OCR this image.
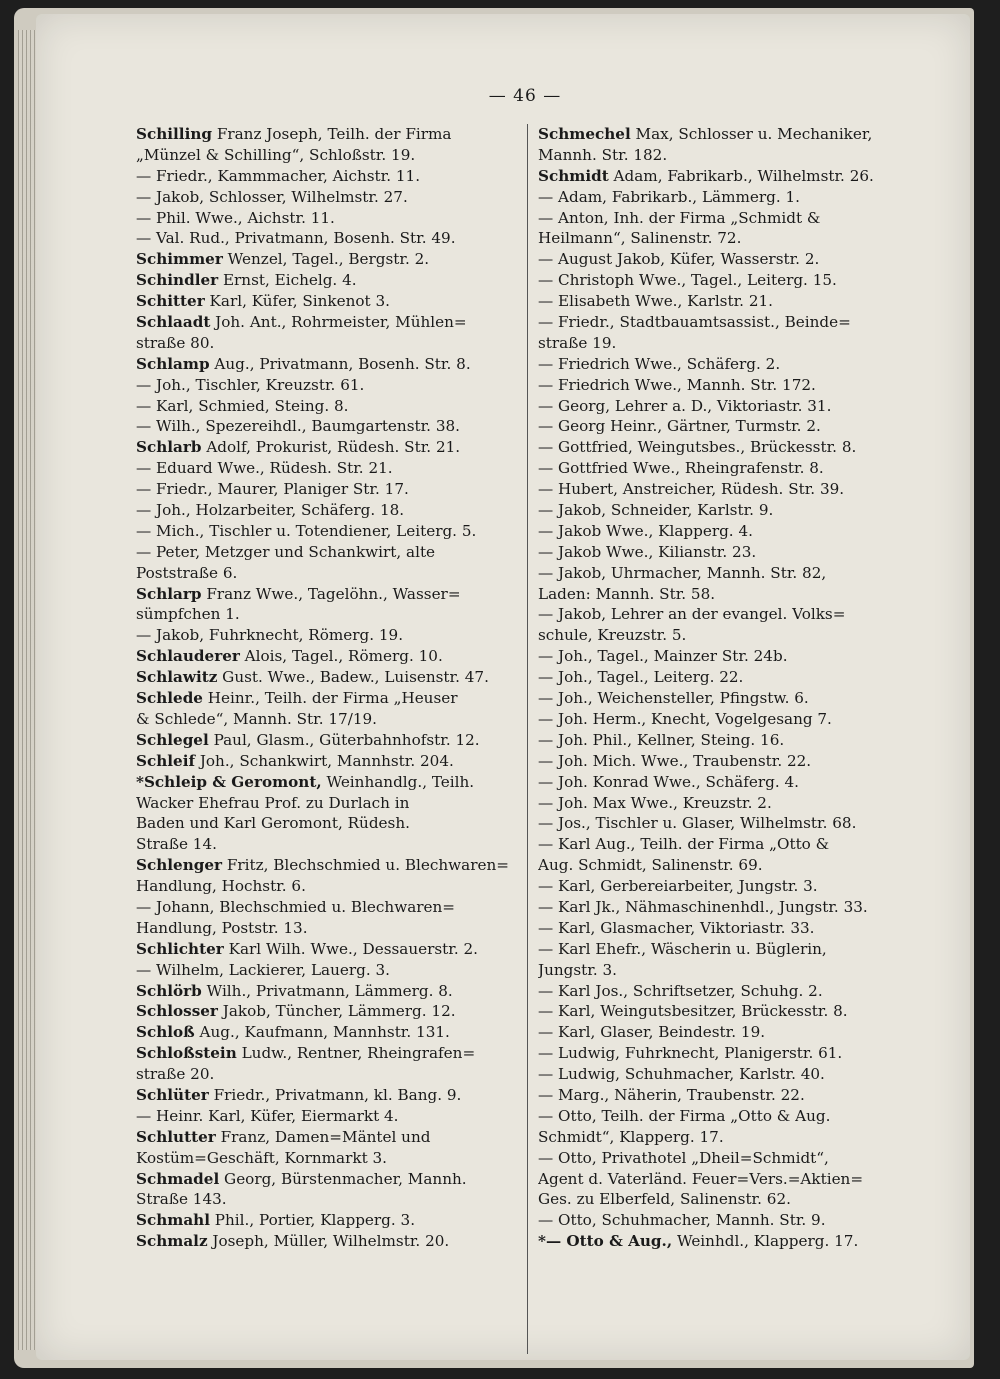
— 46 —
Schilling Franz Joseph, Teilh. der Firma
„Münzel & Schilling“, Schloßstr. 19.
— Friedr., Kammmacher, Aichstr. 11.
— Jakob, Schlosser, Wilhelmstr. 27.
— Phil. Wwe., Aichstr. 11.
— Val. Rud., Privatmann, Bosenh. Str. 49.
Schimmer Wenzel, Tagel., Bergstr. 2.
Schindler Ernst, Eichelg. 4.
Schitter Karl, Küfer, Sinkenot 3.
Schlaadt Joh. Ant., Rohrmeister, Mühlen=
straße 80.
Schlamp Aug., Privatmann, Bosenh. Str. 8.
— Joh., Tischler, Kreuzstr. 61.
— Karl, Schmied, Steing. 8.
— Wilh., Spezereihdl., Baumgartenstr. 38.
Schlarb Adolf, Prokurist, Rüdesh. Str. 21.
— Eduard Wwe., Rüdesh. Str. 21.
— Friedr., Maurer, Planiger Str. 17.
— Joh., Holzarbeiter, Schäferg. 18.
— Mich., Tischler u. Totendiener, Leiterg. 5.
— Peter, Metzger und Schankwirt, alte
Poststraße 6.
Schlarp Franz Wwe., Tagelöhn., Wasser=
sümpfchen 1.
— Jakob, Fuhrknecht, Römerg. 19.
Schlauderer Alois, Tagel., Römerg. 10.
Schlawitz Gust. Wwe., Badew., Luisenstr. 47.
Schlede Heinr., Teilh. der Firma „Heuser
& Schlede“, Mannh. Str. 17/19.
Schlegel Paul, Glasm., Güterbahnhofstr. 12.
Schleif Joh., Schankwirt, Mannhstr. 204.
*Schleip & Geromont, Weinhandlg., Teilh.
Wacker Ehefrau Prof. zu Durlach in
Baden und Karl Geromont, Rüdesh.
Straße 14.
Schlenger Fritz, Blechschmied u. Blechwaren=
Handlung, Hochstr. 6.
— Johann, Blechschmied u. Blechwaren=
Handlung, Poststr. 13.
Schlichter Karl Wilh. Wwe., Dessauerstr. 2.
— Wilhelm, Lackierer, Lauerg. 3.
Schlörb Wilh., Privatmann, Lämmerg. 8.
Schlosser Jakob, Tüncher, Lämmerg. 12.
Schloß Aug., Kaufmann, Mannhstr. 131.
Schloßstein Ludw., Rentner, Rheingrafen=
straße 20.
Schlüter Friedr., Privatmann, kl. Bang. 9.
— Heinr. Karl, Küfer, Eiermarkt 4.
Schlutter Franz, Damen=Mäntel und
Kostüm=Geschäft, Kornmarkt 3.
Schmadel Georg, Bürstenmacher, Mannh.
Straße 143.
Schmahl Phil., Portier, Klapperg. 3.
Schmalz Joseph, Müller, Wilhelmstr. 20.
Schmechel Max, Schlosser u. Mechaniker,
Mannh. Str. 182.
Schmidt Adam, Fabrikarb., Wilhelmstr. 26.
— Adam, Fabrikarb., Lämmerg. 1.
— Anton, Inh. der Firma „Schmidt &
Heilmann“, Salinenstr. 72.
— August Jakob, Küfer, Wasserstr. 2.
— Christoph Wwe., Tagel., Leiterg. 15.
— Elisabeth Wwe., Karlstr. 21.
— Friedr., Stadtbauamtsassist., Beinde=
straße 19.
— Friedrich Wwe., Schäferg. 2.
— Friedrich Wwe., Mannh. Str. 172.
— Georg, Lehrer a. D., Viktoriastr. 31.
— Georg Heinr., Gärtner, Turmstr. 2.
— Gottfried, Weingutsbes., Brückesstr. 8.
— Gottfried Wwe., Rheingrafenstr. 8.
— Hubert, Anstreicher, Rüdesh. Str. 39.
— Jakob, Schneider, Karlstr. 9.
— Jakob Wwe., Klapperg. 4.
— Jakob Wwe., Kilianstr. 23.
— Jakob, Uhrmacher, Mannh. Str. 82,
Laden: Mannh. Str. 58.
— Jakob, Lehrer an der evangel. Volks=
schule, Kreuzstr. 5.
— Joh., Tagel., Mainzer Str. 24b.
— Joh., Tagel., Leiterg. 22.
— Joh., Weichensteller, Pfingstw. 6.
— Joh. Herm., Knecht, Vogelgesang 7.
— Joh. Phil., Kellner, Steing. 16.
— Joh. Mich. Wwe., Traubenstr. 22.
— Joh. Konrad Wwe., Schäferg. 4.
— Joh. Max Wwe., Kreuzstr. 2.
— Jos., Tischler u. Glaser, Wilhelmstr. 68.
— Karl Aug., Teilh. der Firma „Otto &
Aug. Schmidt, Salinenstr. 69.
— Karl, Gerbereiarbeiter, Jungstr. 3.
— Karl Jk., Nähmaschinenhdl., Jungstr. 33.
— Karl, Glasmacher, Viktoriastr. 33.
— Karl Ehefr., Wäscherin u. Büglerin,
Jungstr. 3.
— Karl Jos., Schriftsetzer, Schuhg. 2.
— Karl, Weingutsbesitzer, Brückesstr. 8.
— Karl, Glaser, Beindestr. 19.
— Ludwig, Fuhrknecht, Planigerstr. 61.
— Ludwig, Schuhmacher, Karlstr. 40.
— Marg., Näherin, Traubenstr. 22.
— Otto, Teilh. der Firma „Otto & Aug.
Schmidt“, Klapperg. 17.
— Otto, Privathotel „Dheil=Schmidt“,
Agent d. Vaterländ. Feuer=Vers.=Aktien=
Ges. zu Elberfeld, Salinenstr. 62.
— Otto, Schuhmacher, Mannh. Str. 9.
*— Otto & Aug., Weinhdl., Klapperg. 17.
